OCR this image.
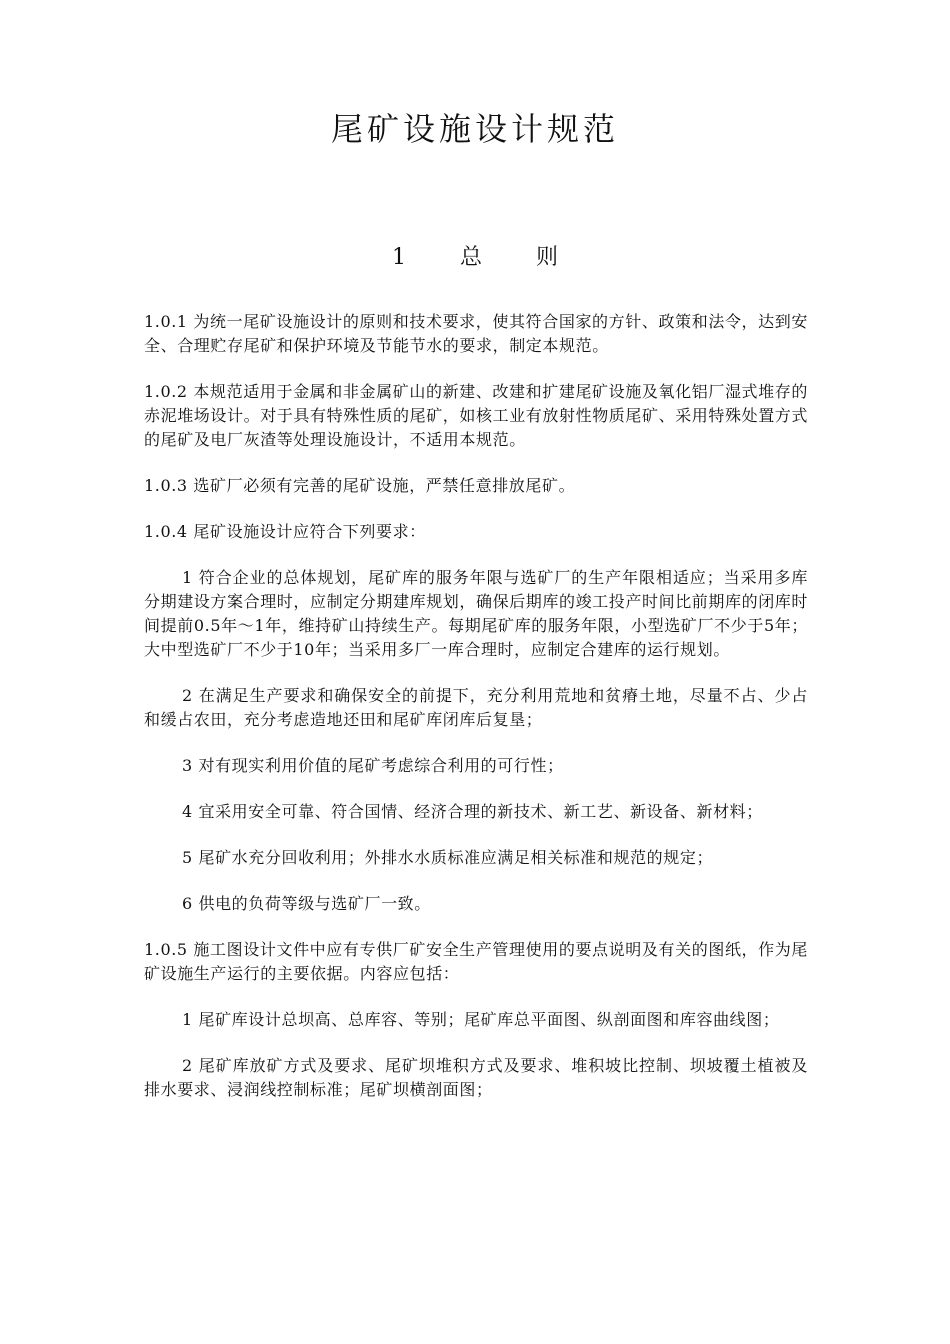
尾矿设施设计规范
1 总 则

1.0.1 为统一尾矿设施设计的原则和技术要求，使其符合国家的方针、政策和法令，达到安全、合理贮存尾矿和保护环境及节能节水的要求，制定本规范。

1.0.2 本规范适用于金属和非金属矿山的新建、改建和扩建尾矿设施及氧化铝厂湿式堆存的赤泥堆场设计。对于具有特殊性质的尾矿，如核工业有放射性物质尾矿、采用特殊处置方式的尾矿及电厂灰渣等处理设施设计，不适用本规范。

1.0.3 选矿厂必须有完善的尾矿设施，严禁任意排放尾矿。

1.0.4 尾矿设施设计应符合下列要求：

1 符合企业的总体规划，尾矿库的服务年限与选矿厂的生产年限相适应；当采用多库分期建设方案合理时，应制定分期建库规划，确保后期库的竣工投产时间比前期库的闭库时间提前0.5年～1年，维持矿山持续生产。每期尾矿库的服务年限，小型选矿厂不少于5年；大中型选矿厂不少于10年；当采用多厂一库合理时，应制定合建库的运行规划。

2 在满足生产要求和确保安全的前提下，充分利用荒地和贫瘠土地，尽量不占、少占和缓占农田，充分考虑造地还田和尾矿库闭库后复垦；

3 对有现实利用价值的尾矿考虑综合利用的可行性；

4 宜采用安全可靠、符合国情、经济合理的新技术、新工艺、新设备、新材料；

5 尾矿水充分回收利用；外排水水质标准应满足相关标准和规范的规定；

6 供电的负荷等级与选矿厂一致。

1.0.5 施工图设计文件中应有专供厂矿安全生产管理使用的要点说明及有关的图纸，作为尾矿设施生产运行的主要依据。内容应包括：

1 尾矿库设计总坝高、总库容、等别；尾矿库总平面图、纵剖面图和库容曲线图；

2 尾矿库放矿方式及要求、尾矿坝堆积方式及要求、堆积坡比控制、坝坡覆土植被及排水要求、浸润线控制标准；尾矿坝横剖面图；
